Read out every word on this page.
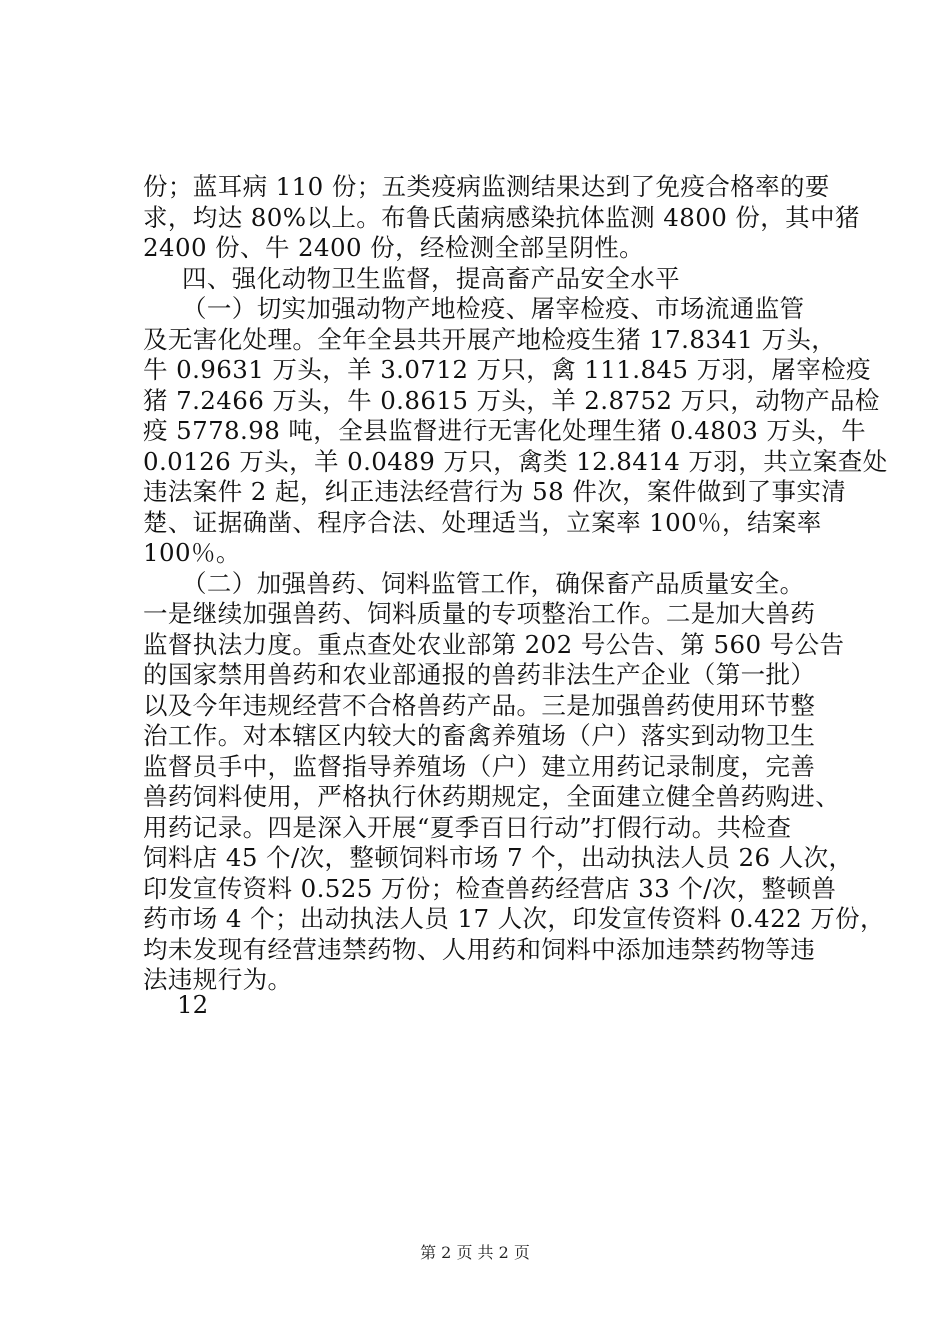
份；蓝耳病 110 份；五类疫病监测结果达到了免疫合格率的要
求，均达 80%以上。布鲁氏菌病感染抗体监测 4800 份，其中猪
2400 份、牛 2400 份，经检测全部呈阴性。
四、强化动物卫生监督，提高畜产品安全水平
（一）切实加强动物产地检疫、屠宰检疫、市场流通监管
及无害化处理。全年全县共开展产地检疫生猪 17.8341 万头，
牛 0.9631 万头，羊 3.0712 万只，禽 111.845 万羽，屠宰检疫
猪 7.2466 万头，牛 0.8615 万头，羊 2.8752 万只，动物产品检
疫 5778.98 吨，全县监督进行无害化处理生猪 0.4803 万头，牛
0.0126 万头，羊 0.0489 万只，禽类 12.8414 万羽，共立案查处
违法案件 2 起，纠正违法经营行为 58 件次，案件做到了事实清
楚、证据确凿、程序合法、处理适当，立案率 100％，结案率
100％。
（二）加强兽药、饲料监管工作，确保畜产品质量安全。
一是继续加强兽药、饲料质量的专项整治工作。二是加大兽药
监督执法力度。重点查处农业部第 202 号公告、第 560 号公告
的国家禁用兽药和农业部通报的兽药非法生产企业（第一批）
以及今年违规经营不合格兽药产品。三是加强兽药使用环节整
治工作。对本辖区内较大的畜禽养殖场（户）落实到动物卫生
监督员手中，监督指导养殖场（户）建立用药记录制度，完善
兽药饲料使用，严格执行休药期规定，全面建立健全兽药购进、
用药记录。四是深入开展“夏季百日行动”打假行动。共检查
饲料店 45 个/次，整顿饲料市场 7 个，出动执法人员 26 人次，
印发宣传资料 0.525 万份；检查兽药经营店 33 个/次，整顿兽
药市场 4 个；出动执法人员 17 人次，印发宣传资料 0.422 万份，
均未发现有经营违禁药物、人用药和饲料中添加违禁药物等违
法违规行为。
12
第 2 页 共 2 页
